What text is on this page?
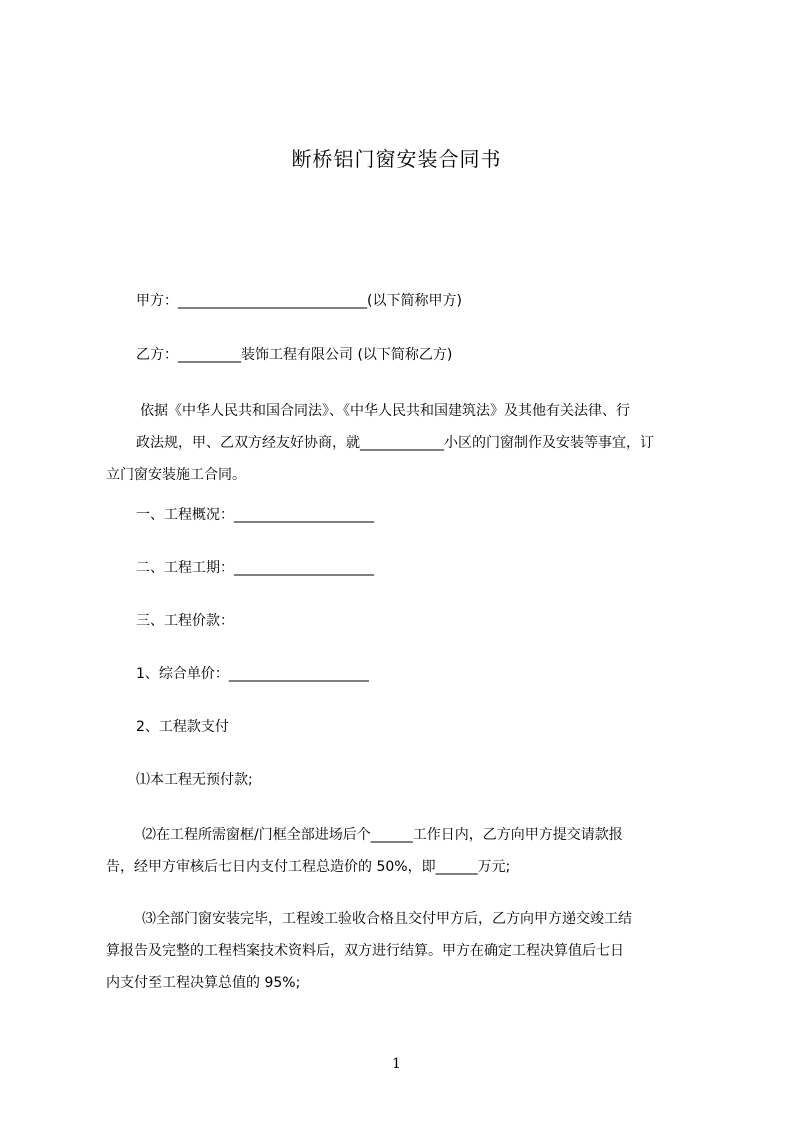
断桥铝门窗安装合同书
甲方：___________________________(以下简称甲方)
乙方：_________装饰工程有限公司 (以下简称乙方)
依据《中华人民共和国合同法》、《中华人民共和国建筑法》及其他有关法律、行
政法规，甲、乙双方经友好协商，就____________小区的门窗制作及安装等事宜，订
立门窗安装施工合同。
一、工程概况：____________________
二、工程工期：____________________
三、工程价款：
1、综合单价：____________________
2、工程款支付
⑴本工程无预付款;
⑵在工程所需窗框/门框全部进场后个______工作日内，乙方向甲方提交请款报
告，经甲方审核后七日内支付工程总造价的 50%，即______万元;
⑶全部门窗安装完毕，工程竣工验收合格且交付甲方后，乙方向甲方递交竣工结
算报告及完整的工程档案技术资料后，双方进行结算。甲方在确定工程决算值后七日
内支付至工程决算总值的 95%;
1
